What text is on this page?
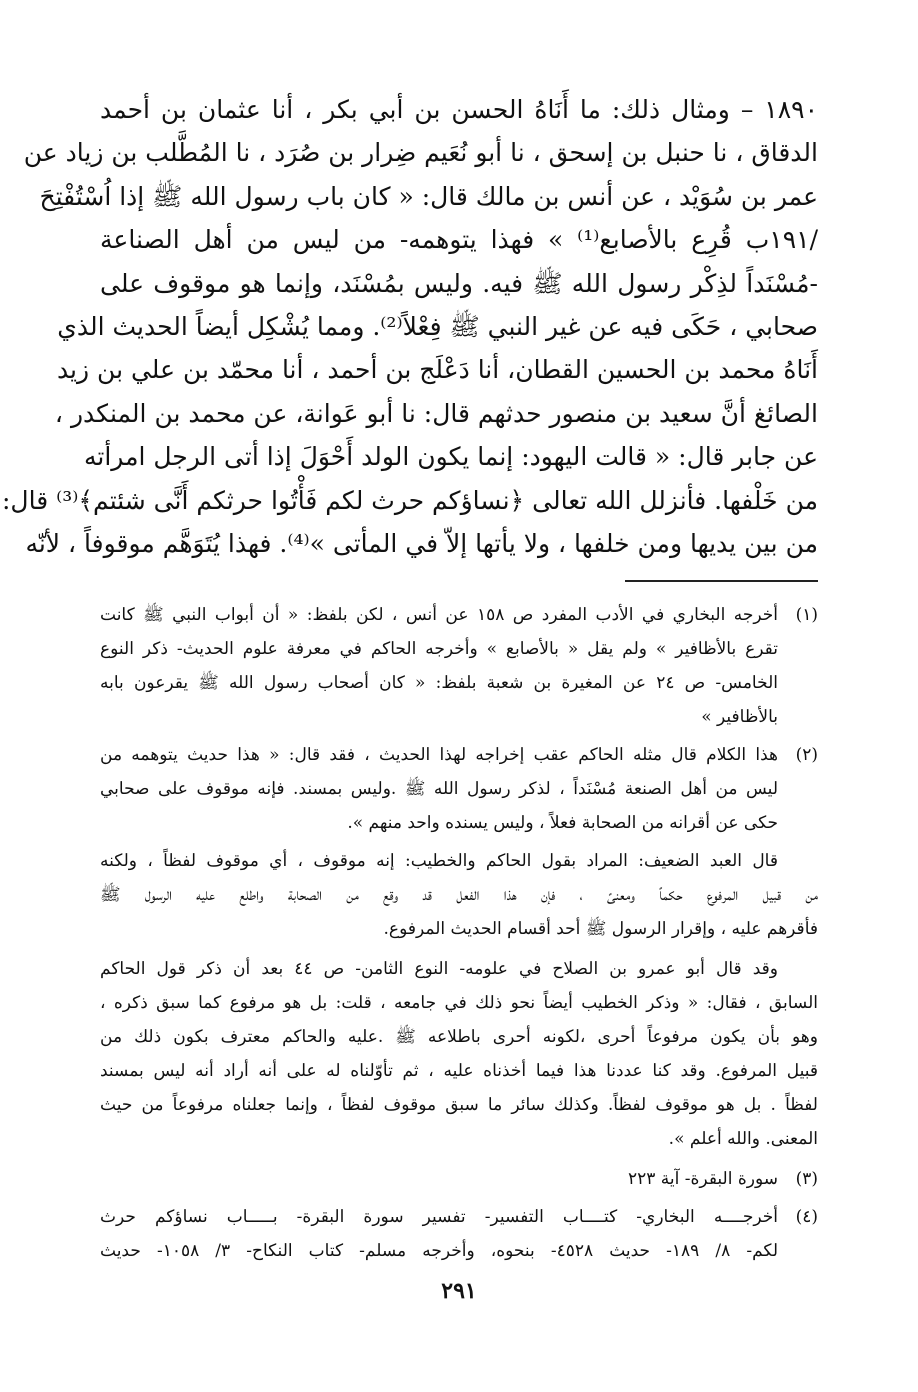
١٨٩٠ – ومثال ذلك: ما أَنَاهُ الحسن بن أبي بكر ، أنا عثمان بن أحمد

الدقاق ، نا حنبل بن إسحق ، نا أبو نُعَيم ضِرار بن صُرَد ، نا المُطَّلب بن زياد عن

عمر بن سُوَيْد ، عن أنس بن مالك قال: « كان باب رسول الله ﷺ إذا اُسْتُفْتِحَ

/١٩١ب قُرِع بالأصابع⁽¹⁾ » فهذا يتوهمه- من ليس من أهل الصناعة

-مُسْنَداً لذِكْر رسول الله ﷺ فيه. وليس بمُسْنَد، وإنما هو موقوف على

صحابي ، حَكَى فيه عن غير النبي ﷺ فِعْلاً⁽²⁾. ومما يُشْكِل أيضاً الحديث الذي

أَنَاهُ محمد بن الحسين القطان، أنا دَعْلَج بن أحمد ، أنا محمّد بن علي بن زيد

الصائغ أنَّ سعيد بن منصور حدثهم قال: نا أبو عَوانة، عن محمد بن المنكدر ،

عن جابر قال: « قالت اليهود: إنما يكون الولد أَحْوَلَ إذا أتى الرجل امرأته

من خَلْفها. فأنزلل الله تعالى ﴿نساؤكم حرث لكم فَأْتُوا حرثكم أَنَّى شئتم﴾⁽³⁾ قال:

من بين يديها ومن خلفها ، ولا يأتها إلاّ في المأتى »⁽⁴⁾. فهذا يُتَوَهَّم موقوفاً ، لأنّه

(١)
أخرجه البخاري في الأدب المفرد ص ١٥٨ عن أنس ، لكن بلفظ: « أن أبواب النبي ﷺ كانت
تقرع بالأظافير » ولم يقل « بالأصابع » وأخرجه الحاكم في معرفة علوم الحديث- ذكر النوع
الخامس- ص ٢٤ عن المغيرة بن شعبة بلفظ: « كان أصحاب رسول الله ﷺ يقرعون بابه
بالأظافير »
(٢)
هذا الكلام قال مثله الحاكم عقب إخراجه لهذا الحديث ، فقد قال: « هذا حديث يتوهمه من
ليس من أهل الصنعة مُسْنَداً ، لذكر رسول الله ﷺ .وليس بمسند. فإنه موقوف على صحابي
حكى عن أقرانه من الصحابة فعلاً ، وليس يسنده واحد منهم ».
قال العبد الضعيف: المراد بقول الحاكم والخطيب: إنه موقوف ، أي موقوف لفظاً ، ولكنه
من قبيل المرفوع حكماً ومعنىً ، فإن هذا الفعل قد وقع من الصحابة واطلع عليه الرسول ﷺ
فأقرهم عليه ، وإقرار الرسول ﷺ أحد أقسام الحديث المرفوع.
وقد قال أبو عمرو بن الصلاح في علومه- النوع الثامن- ص ٤٤ بعد أن ذكر قول الحاكم
السابق ، فقال: « وذكر الخطيب أيضاً نحو ذلك في جامعه ، قلت: بل هو مرفوع كما سبق ذكره ،
وهو بأن يكون مرفوعاً أحرى ،لكونه أحرى باطلاعه ﷺ .عليه والحاكم معترف بكون ذلك من
قبيل المرفوع. وقد كنا عددنا هذا فيما أخذناه عليه ، ثم تأوّلناه له على أنه أراد أنه ليس بمسند
لفظاً . بل هو موقوف لفظاً. وكذلك سائر ما سبق موقوف لفظاً ، وإنما جعلناه مرفوعاً من حيث
المعنى. والله أعلم ».
(٣)
سورة البقرة- آية ٢٢٣
(٤)
أخرجــــه البخاري- كتــــاب التفسير- تفسير سورة البقرة- بـــــاب نساؤكم حرث
لكم- ٨/ ١٨٩- حديث ٤٥٢٨- بنحوه، وأخرجه مسلم- كتاب النكاح- ٣/ ١٠٥٨- حديث
٢٩١
